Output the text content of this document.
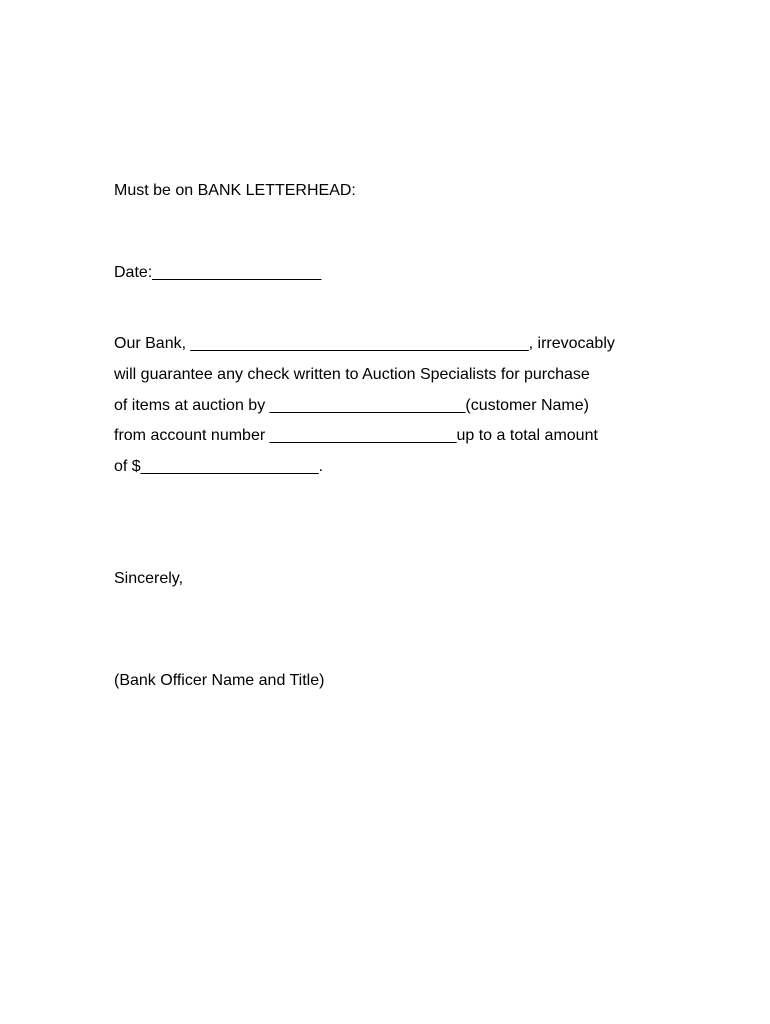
Must be on BANK LETTERHEAD:
Date:___________________
Our Bank, ______________________________________, irrevocably
will guarantee any check written to Auction Specialists for purchase
of items at auction by ______________________(customer Name)
from account number _____________________up to a total amount
of $____________________.
Sincerely,
(Bank Officer Name and Title)
